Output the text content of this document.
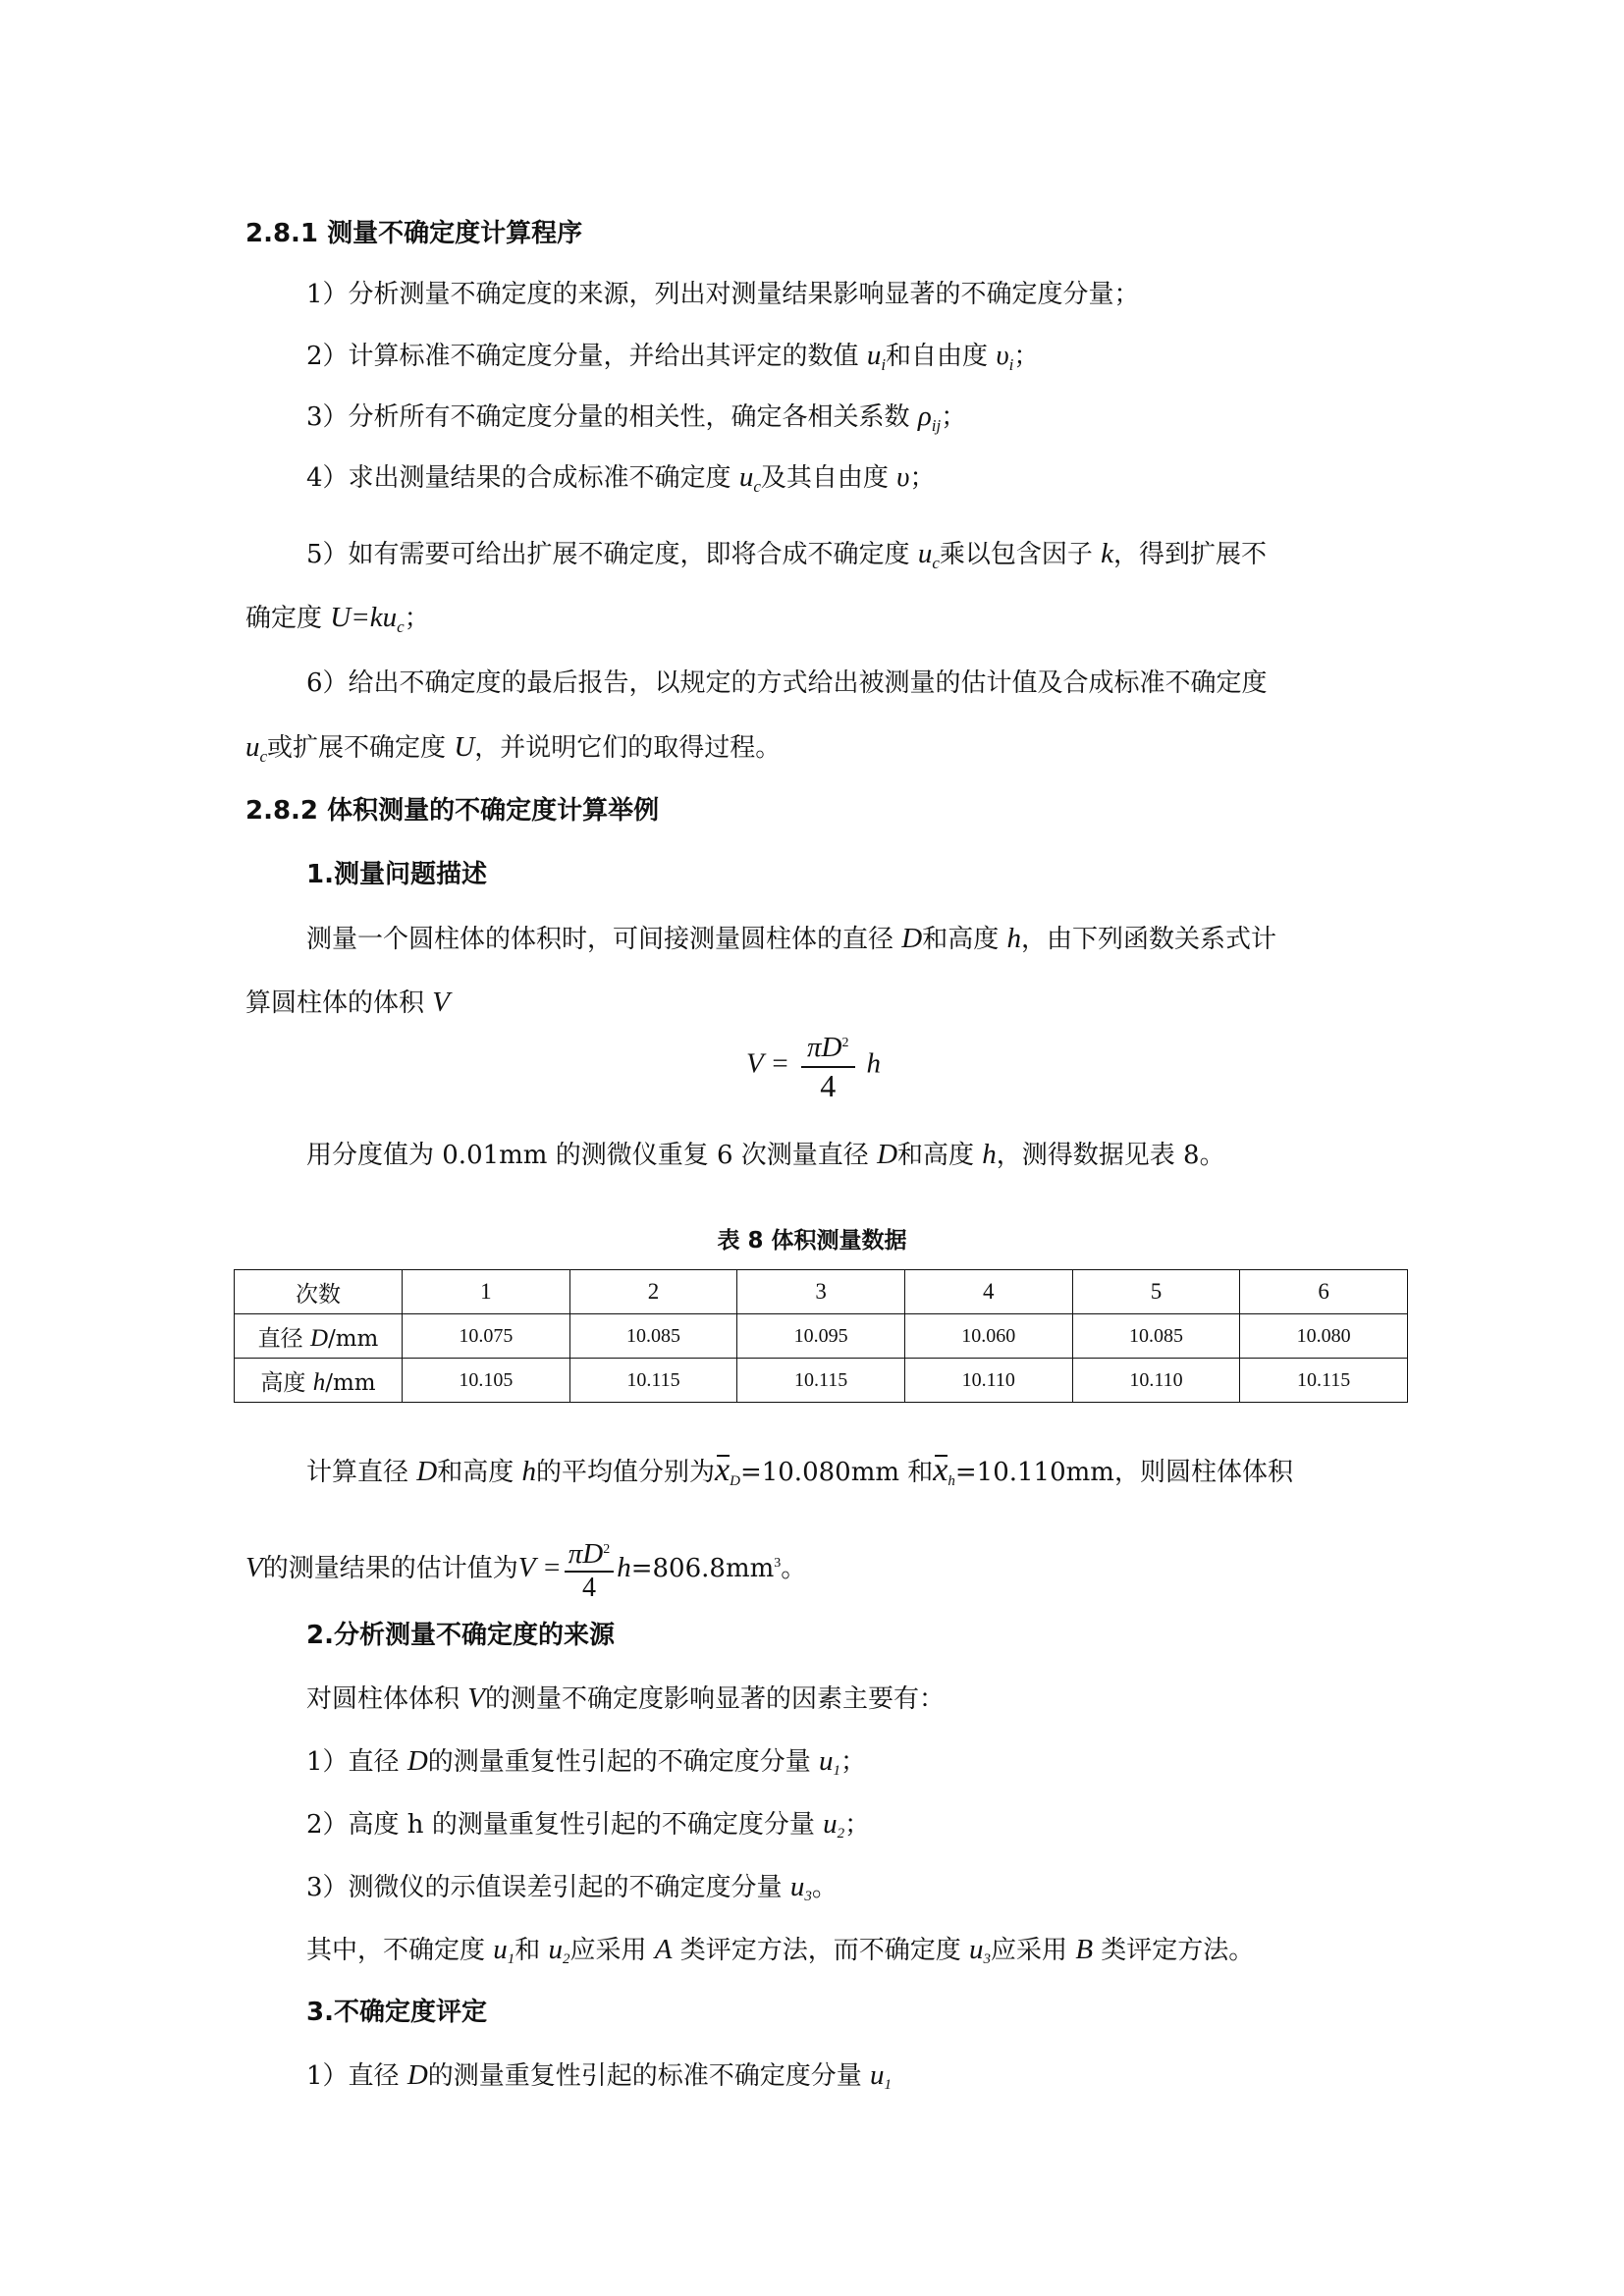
2.8.1 测量不确定度计算程序
1）分析测量不确定度的来源，列出对测量结果影响显著的不确定度分量；
2）计算标准不确定度分量，并给出其评定的数值 $u_i$和自由度 $\upsilon_i$；
3）分析所有不确定度分量的相关性，确定各相关系数 $\rho_{ij}$；
4）求出测量结果的合成标准不确定度 $u_c$及其自由度 υ；
5）如有需要可给出扩展不确定度，即将合成不确定度 $u_c$乘以包含因子 k，得到扩展不
确定度 $U=ku_c$；
6）给出不确定度的最后报告，以规定的方式给出被测量的估计值及合成标准不确定度
$u_c$或扩展不确定度 U，并说明它们的取得过程。
2.8.2 体积测量的不确定度计算举例
1.测量问题描述
测量一个圆柱体的体积时，可间接测量圆柱体的直径 D和高度 h，由下列函数关系式计
算圆柱体的体积 V
$V = \frac{\pi D^2}{4}$ h
用分度值为 0.01mm 的测微仪重复 6 次测量直径 D和高度 h，测得数据见表 8。
表 8 体积测量数据
次数	1	2	3	4	5	6
直径 D/mm	10.075	10.085	10.095	10.060	10.085	10.080
高度 h/mm	10.105	10.115	10.115	10.110	10.110	10.115
计算直径 D和高度 h的平均值分别为xD=10.080mm 和xh=10.110mm，则圆柱体体积
V的测量结果的估计值为$V = \frac{\pi D^2}{4} h=806.8mm^3$。
2.分析测量不确定度的来源
对圆柱体体积 V的测量不确定度影响显著的因素主要有：
1）直径 D的测量重复性引起的不确定度分量 u1；
2）高度 h 的测量重复性引起的不确定度分量 u2；
3）测微仪的示值误差引起的不确定度分量 u3。
其中，不确定度 u1和 u2应采用 A 类评定方法，而不确定度 u3应采用 B 类评定方法。
3.不确定度评定
1）直径 D的测量重复性引起的标准不确定度分量 u1
